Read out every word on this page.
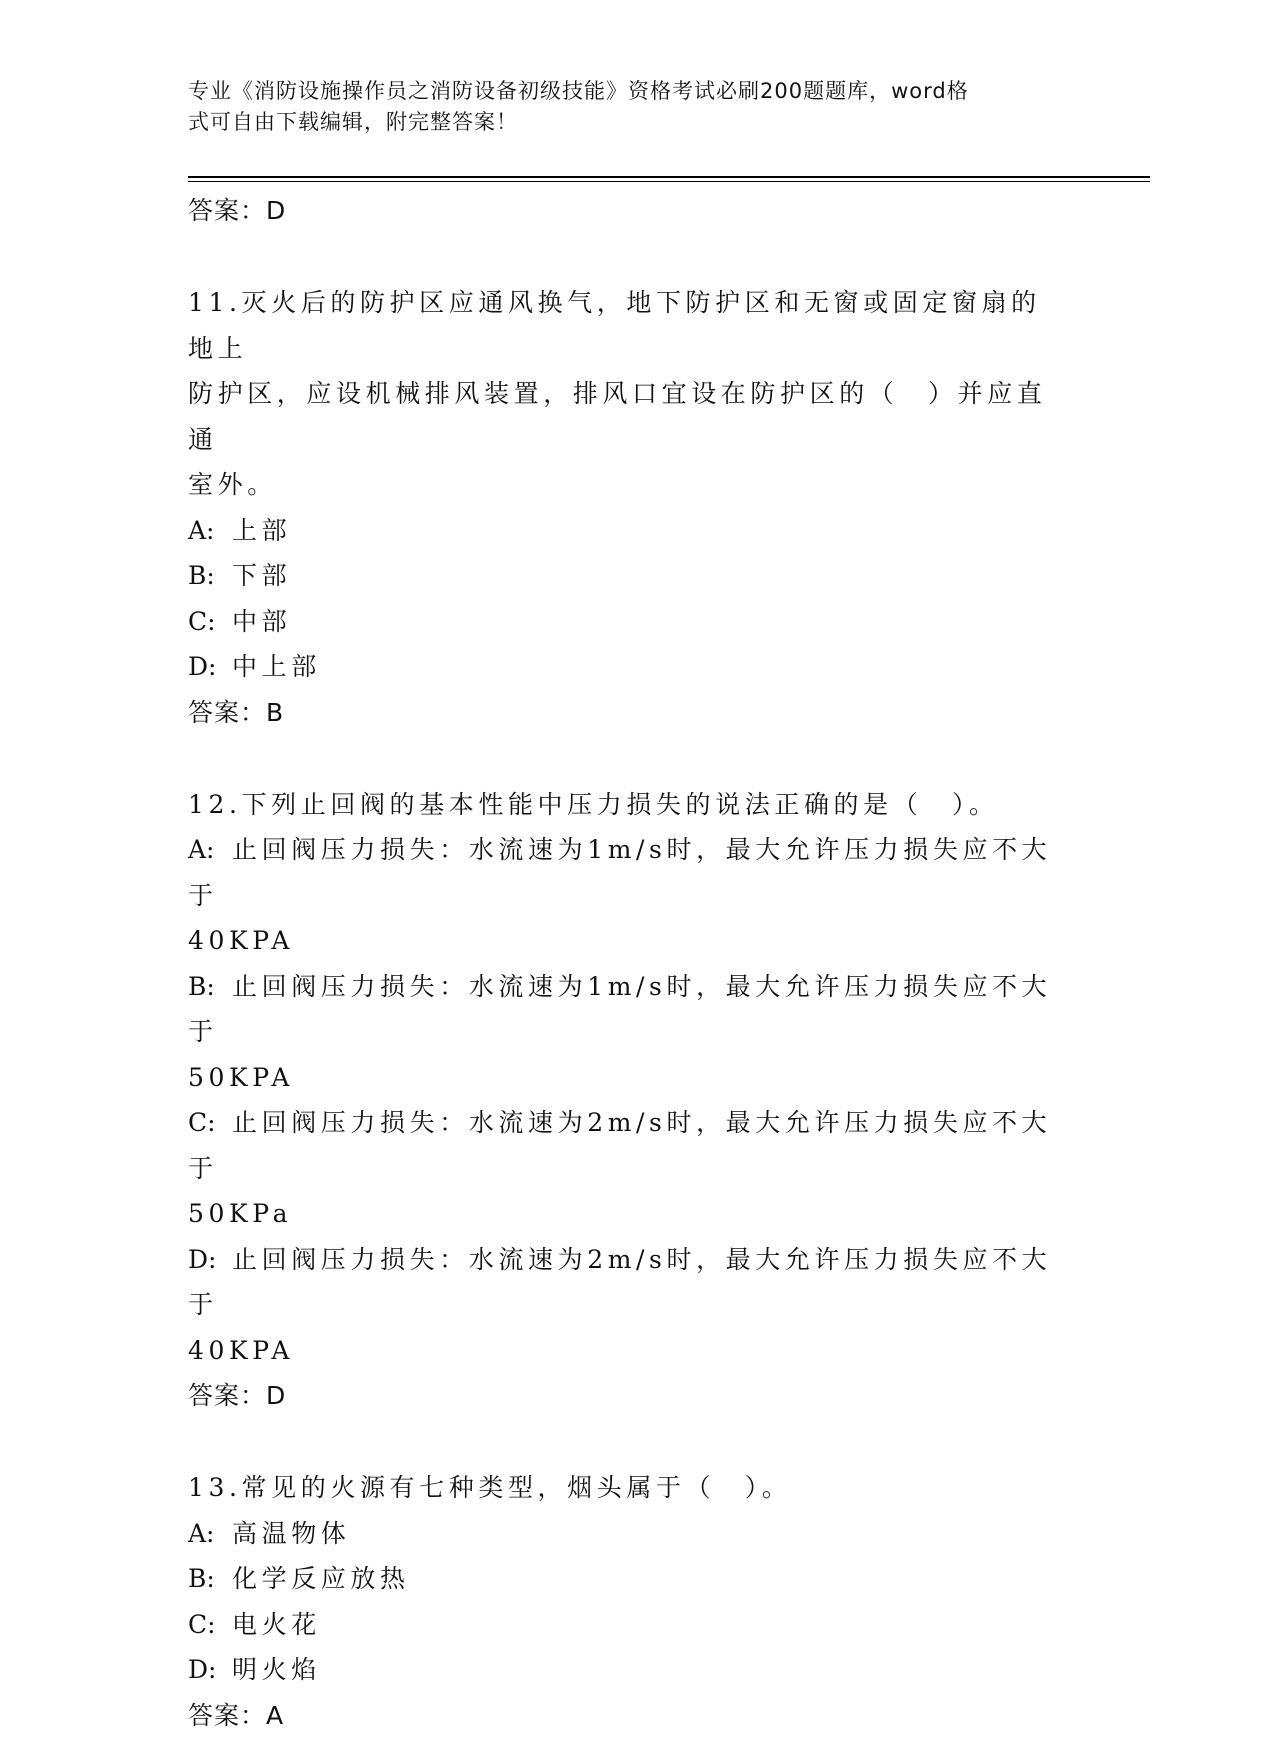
专业《消防设施操作员之消防设备初级技能》资格考试必刷200题题库，word格
式可自由下载编辑，附完整答案！
答案：D
11.灭火后的防护区应通风换气，地下防护区和无窗或固定窗扇的地上
防护区，应设机械排风装置，排风口宜设在防护区的（　）并应直通
室外。
A: 上部
B: 下部
C: 中部
D: 中上部
答案：B
12.下列止回阀的基本性能中压力损失的说法正确的是（　）。
A: 止回阀压力损失：水流速为1m/s时，最大允许压力损失应不大于
40KPA
B: 止回阀压力损失：水流速为1m/s时，最大允许压力损失应不大于
50KPA
C: 止回阀压力损失：水流速为2m/s时，最大允许压力损失应不大于
50KPa
D: 止回阀压力损失：水流速为2m/s时，最大允许压力损失应不大于
40KPA
答案：D
13.常见的火源有七种类型，烟头属于（　）。
A: 高温物体
B: 化学反应放热
C: 电火花
D: 明火焰
答案：A
